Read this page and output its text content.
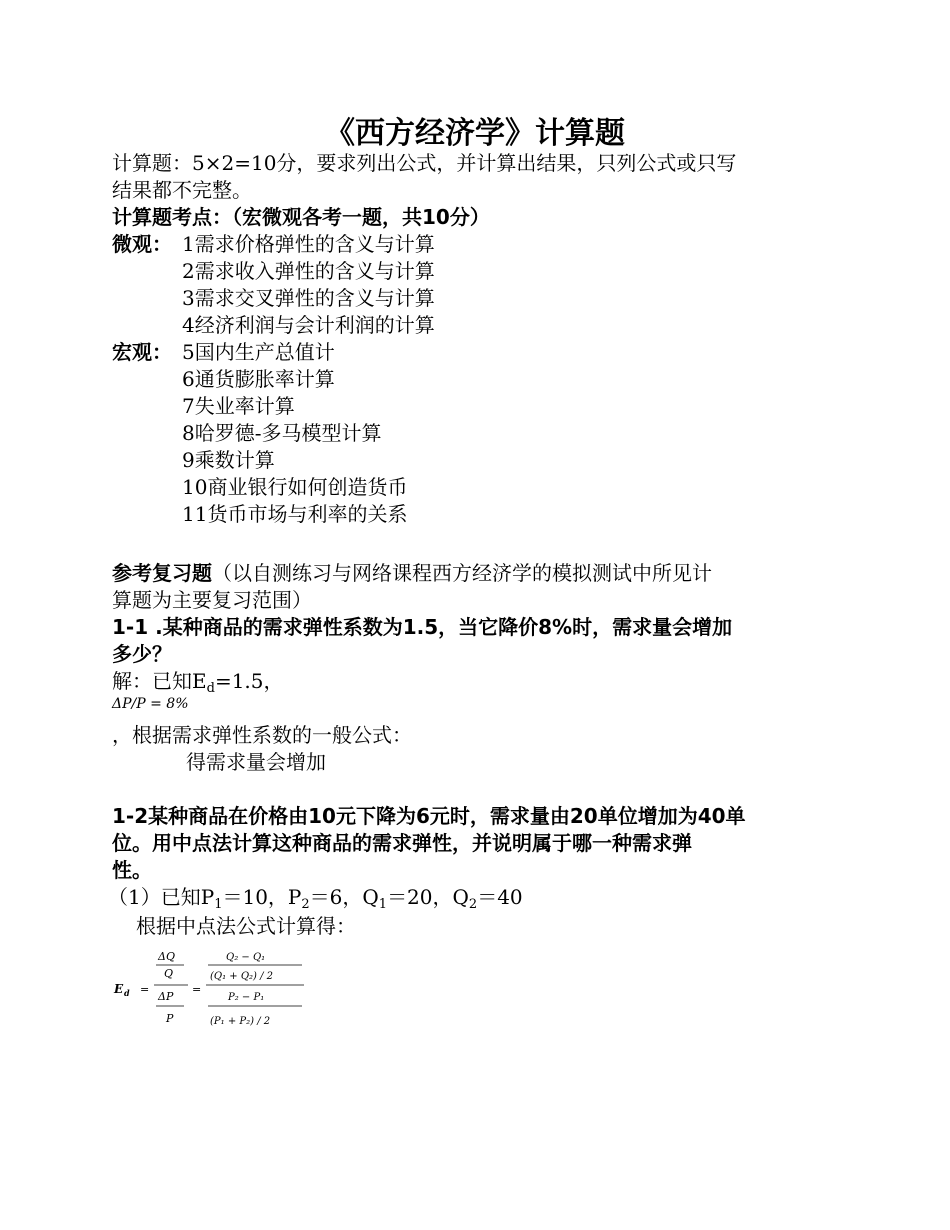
《西方经济学》计算题
计算题：5×2=10分，要求列出公式，并计算出结果，只列公式或只写
结果都不完整。
计算题考点：（宏微观各考一题，共10分）
微观： 1需求价格弹性的含义与计算
2需求收入弹性的含义与计算
3需求交叉弹性的含义与计算
4经济利润与会计利润的计算
宏观： 5国内生产总值计
6通货膨胀率计算
7失业率计算
8哈罗德-多马模型计算
9乘数计算
10商业银行如何创造货币
11货币市场与利率的关系
参考复习题（以自测练习与网络课程西方经济学的模拟测试中所见计
算题为主要复习范围）
1-1 .某种商品的需求弹性系数为1.5，当它降价8%时，需求量会增加
多少？
解：已知$E_d=1.5$，
ΔP/P = 8%
，根据需求弹性系数的一般公式：
得需求量会增加
1-2某种商品在价格由10元下降为6元时，需求量由20单位增加为40单
位。用中点法计算这种商品的需求弹性，并说明属于哪一种需求弹
性。
（1）已知$P_1=10$，$P_2=6$，$Q_1=20$，$Q_2=40$
根据中点法公式计算得：
E d =
ΔQ
Q
ΔP
P
=
Q₂ − Q₁
(Q₁ + Q₂) / 2
P₂ − P₁
(P₁ + P₂) / 2
